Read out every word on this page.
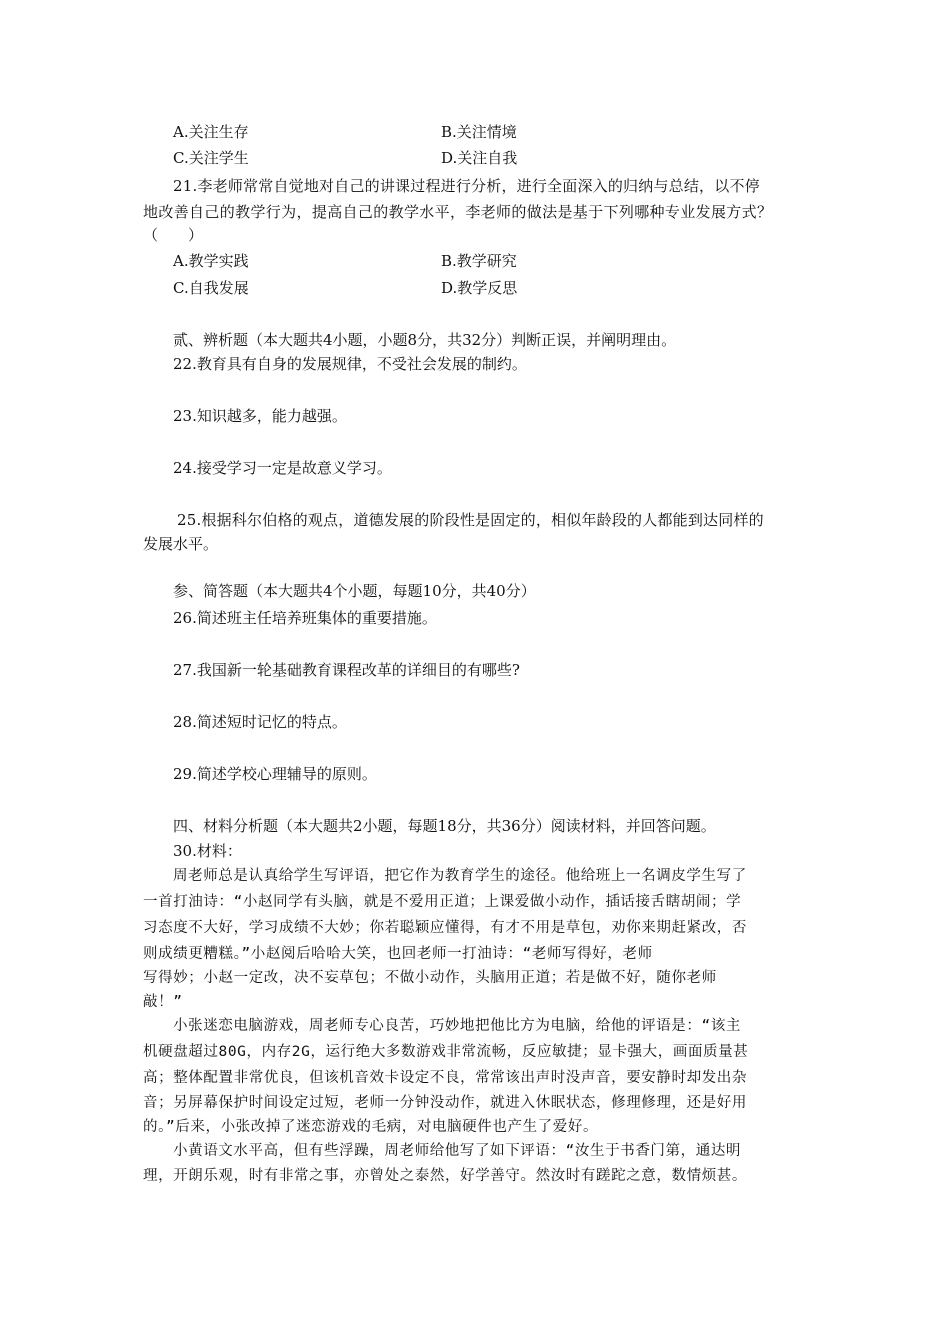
A.关注生存	B.关注情境
C.关注学生	D.关注自我
21.李老师常常自觉地对自己的讲课过程进行分析，进行全面深入的归纳与总结，以不停
地改善自己的教学行为，提高自己的教学水平，李老师的做法是基于下列哪种专业发展方式？
（　　）
A.教学实践	B.教学研究
C.自我发展	D.教学反思
贰、辨析题（本大题共4小题，小题8分，共32分）判断正误，并阐明理由。
22.教育具有自身的发展规律，不受社会发展的制约。
23.知识越多，能力越强。
24.接受学习一定是故意义学习。
25.根据科尔伯格的观点，道德发展的阶段性是固定的，相似年龄段的人都能到达同样的
发展水平。
参、简答题（本大题共4个小题，每题10分，共40分）
26.简述班主任培养班集体的重要措施。
27.我国新一轮基础教育课程改革的详细目的有哪些?
28.简述短时记忆的特点。
29.简述学校心理辅导的原则。
四、材料分析题（本大题共2小题，每题18分，共36分）阅读材料，并回答问题。
30.材料：
周老师总是认真给学生写评语，把它作为教育学生的途径。他给班上一名调皮学生写了
一首打油诗：“小赵同学有头脑，就是不爱用正道；上课爱做小动作，插话接舌瞎胡闹；学
习态度不大好，学习成绩不大妙；你若聪颖应懂得，有才不用是草包，劝你来期赶紧改，否
则成绩更糟糕。”小赵阅后哈哈大笑，也回老师一打油诗：“老师写得好，老师
写得妙；小赵一定改，决不妄草包；不做小动作，头脑用正道；若是做不好，随你老师
敲！”
小张迷恋电脑游戏，周老师专心良苦，巧妙地把他比方为电脑，给他的评语是：“该主
机硬盘超过80G，内存2G，运行绝大多数游戏非常流畅，反应敏捷；显卡强大，画面质量甚
高；整体配置非常优良，但该机音效卡设定不良，常常该出声时没声音，要安静时却发出杂
音；另屏幕保护时间设定过短，老师一分钟没动作，就进入休眠状态，修理修理，还是好用
的。”后来，小张改掉了迷恋游戏的毛病，对电脑硬件也产生了爱好。
小黄语文水平高，但有些浮躁，周老师给他写了如下评语：“汝生于书香门第，通达明
理，开朗乐观，时有非常之事，亦曾处之泰然，好学善守。然汝时有蹉跎之意，数情烦甚。
